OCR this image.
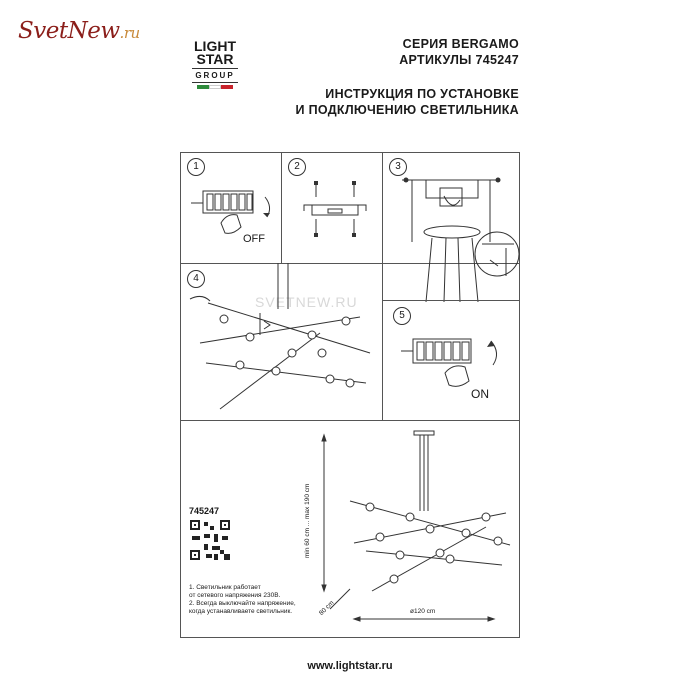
SvetNew.ru
LIGHT
STAR
GROUP
СЕРИЯ BERGAMO
АРТИКУЛЫ 745247
ИНСТРУКЦИЯ ПО УСТАНОВКЕ
И ПОДКЛЮЧЕНИЮ СВЕТИЛЬНИКА
1
OFF
2	3
4
SVETNEW.RU
5
ON
745247
1. Светильник работает
от сетевого напряжения 230В.
2. Всегда выключайте напряжение,
когда устанавливаете светильник.
min 60 cm ... max 190 cm
80 cm	ø120 cm
www.lightstar.ru
